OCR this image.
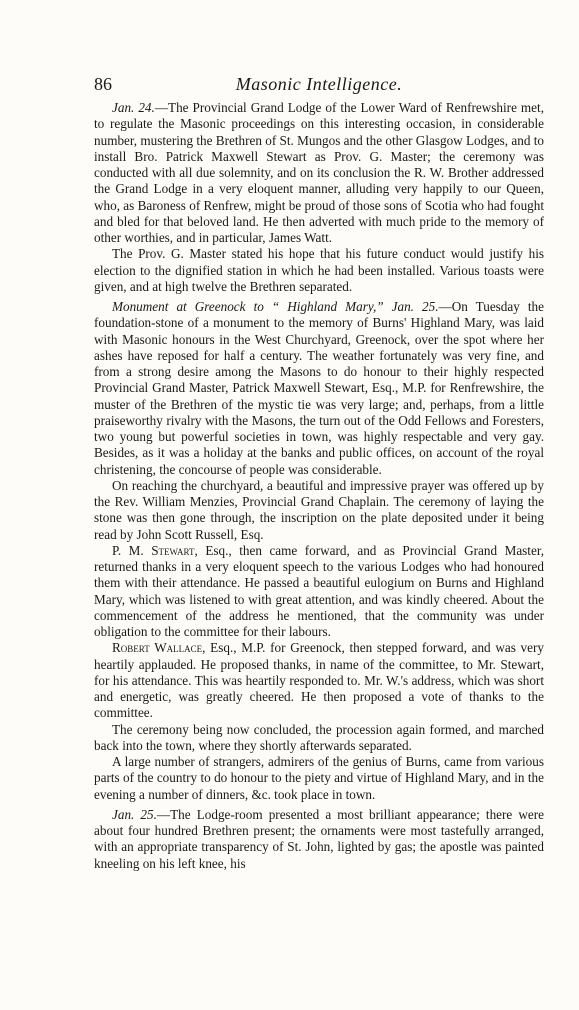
86	Masonic Intelligence.

Jan. 24.—The Provincial Grand Lodge of the Lower Ward of Renfrewshire met, to regulate the Masonic proceedings on this interesting occasion, in considerable number, mustering the Brethren of St. Mungos and the other Glasgow Lodges, and to install Bro. Patrick Maxwell Stewart as Prov. G. Master; the ceremony was conducted with all due solemnity, and on its conclusion the R. W. Brother addressed the Grand Lodge in a very eloquent manner, alluding very happily to our Queen, who, as Baroness of Renfrew, might be proud of those sons of Scotia who had fought and bled for that beloved land. He then adverted with much pride to the memory of other worthies, and in particular, James Watt.

The Prov. G. Master stated his hope that his future conduct would justify his election to the dignified station in which he had been installed. Various toasts were given, and at high twelve the Brethren separated.

Monument at Greenock to “ Highland Mary,” Jan. 25.—On Tuesday the foundation-stone of a monument to the memory of Burns' Highland Mary, was laid with Masonic honours in the West Churchyard, Greenock, over the spot where her ashes have reposed for half a century. The weather fortunately was very fine, and from a strong desire among the Masons to do honour to their highly respected Provincial Grand Master, Patrick Maxwell Stewart, Esq., M.P. for Renfrewshire, the muster of the Brethren of the mystic tie was very large; and, perhaps, from a little praiseworthy rivalry with the Masons, the turn out of the Odd Fellows and Foresters, two young but powerful societies in town, was highly respectable and very gay. Besides, as it was a holiday at the banks and public offices, on account of the royal christening, the concourse of people was considerable.

On reaching the churchyard, a beautiful and impressive prayer was offered up by the Rev. William Menzies, Provincial Grand Chaplain. The ceremony of laying the stone was then gone through, the inscription on the plate deposited under it being read by John Scott Russell, Esq.

P. M. Stewart, Esq., then came forward, and as Provincial Grand Master, returned thanks in a very eloquent speech to the various Lodges who had honoured them with their attendance. He passed a beautiful eulogium on Burns and Highland Mary, which was listened to with great attention, and was kindly cheered. About the commencement of the address he mentioned, that the community was under obligation to the committee for their labours.

Robert Wallace, Esq., M.P. for Greenock, then stepped forward, and was very heartily applauded. He proposed thanks, in name of the committee, to Mr. Stewart, for his attendance. This was heartily responded to. Mr. W.'s address, which was short and energetic, was greatly cheered. He then proposed a vote of thanks to the committee.

The ceremony being now concluded, the procession again formed, and marched back into the town, where they shortly afterwards separated.

A large number of strangers, admirers of the genius of Burns, came from various parts of the country to do honour to the piety and virtue of Highland Mary, and in the evening a number of dinners, &c. took place in town.

Jan. 25.—The Lodge-room presented a most brilliant appearance; there were about four hundred Brethren present; the ornaments were most tastefully arranged, with an appropriate transparency of St. John, lighted by gas; the apostle was painted kneeling on his left knee, his
